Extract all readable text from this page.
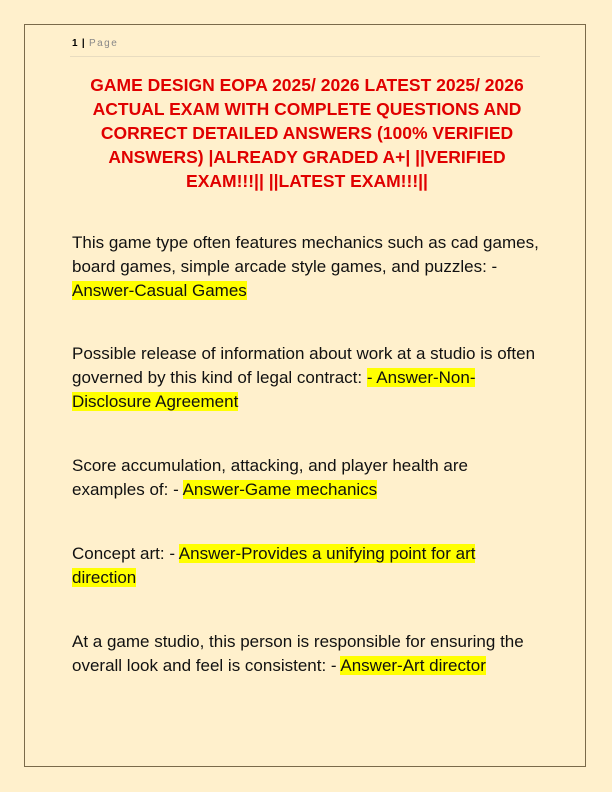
1 | Page
GAME DESIGN EOPA 2025/ 2026 LATEST 2025/ 2026 ACTUAL EXAM WITH COMPLETE QUESTIONS AND CORRECT DETAILED ANSWERS (100% VERIFIED ANSWERS) |ALREADY GRADED A+| ||VERIFIED EXAM!!!|| ||LATEST EXAM!!!||
This game type often features mechanics such as cad games, board games, simple arcade style games, and puzzles: - Answer-Casual Games
Possible release of information about work at a studio is often governed by this kind of legal contract: - Answer-Non-Disclosure Agreement
Score accumulation, attacking, and player health are examples of: - Answer-Game mechanics
Concept art: - Answer-Provides a unifying point for art direction
At a game studio, this person is responsible for ensuring the overall look and feel is consistent: - Answer-Art director
